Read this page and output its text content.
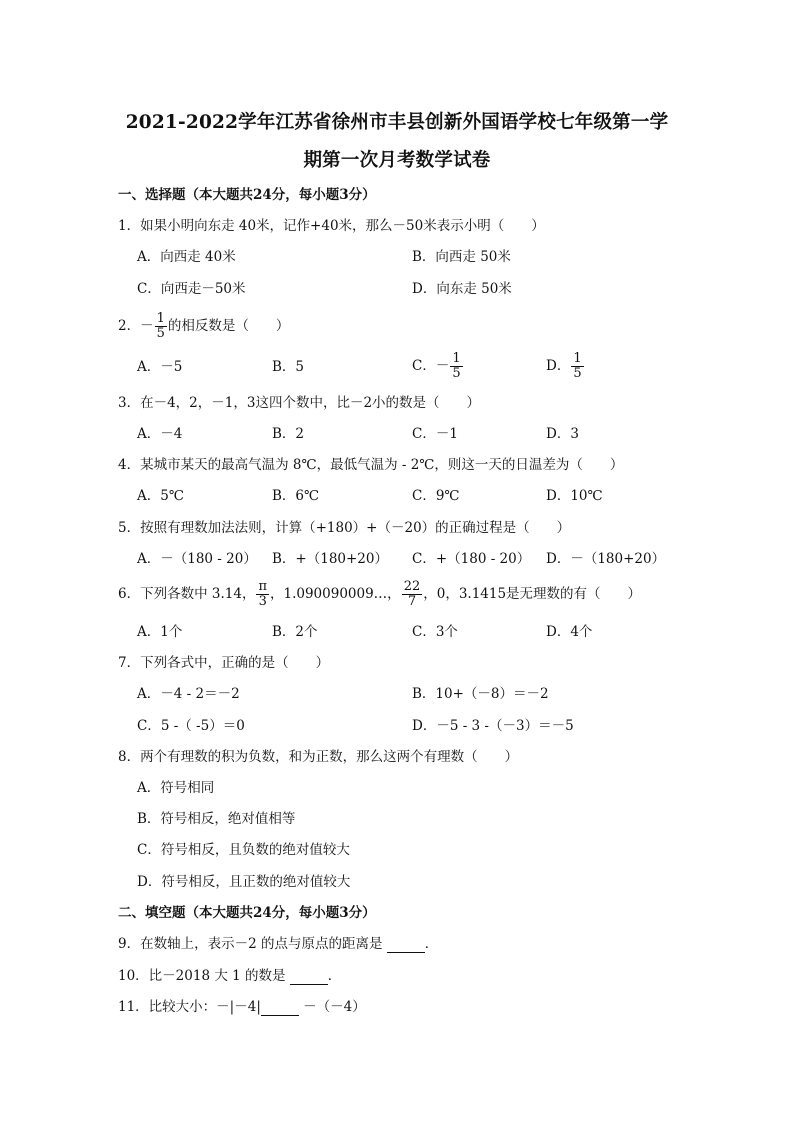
2021-2022学年江苏省徐州市丰县创新外国语学校七年级第一学
期第一次月考数学试卷
一、选择题（本大题共24分，每小题3分）
1．如果小明向东走 40米，记作+40米，那么－50米表示小明（　　）
A．向西走 40米	B．向西走 50米
C．向西走－50米	D．向东走 50米
2．－ $\frac{1}{5}$ 的相反数是（　　）
A．－5	B．5	C．－ $\frac{1}{5}$	D． $\frac{1}{5}$
3．在－4，2，－1，3这四个数中，比－2小的数是（　　）
A．－4	B．2	C．－1	D．3
4．某城市某天的最高气温为 8℃，最低气温为 - 2℃，则这一天的日温差为（　　）
A．5℃	B．6℃	C．9℃	D．10℃
5．按照有理数加法法则，计算（+180）+（－20）的正确过程是（　　）
A．－（180 - 20） B．+（180+20） C．+（180 - 20） D．－（180+20）
6．下列各数中 3.14， $\frac{\pi}{3}$ ，1.090090009…， $\frac{22}{7}$ ，0，3.1415是无理数的有（　　）
A．1个	B．2个	C．3个	D．4个
7．下列各式中，正确的是（　　）
A．－4 - 2＝－2	B．10+（－8）＝－2
C．5 -（ -5）＝0	D．－5 - 3 -（－3）＝－5
8．两个有理数的积为负数，和为正数，那么这两个有理数（　　）
A．符号相同
B．符号相反，绝对值相等
C．符号相反，且负数的绝对值较大
D．符号相反，且正数的绝对值较大
二、填空题（本大题共24分，每小题3分）
9．在数轴上，表示－2 的点与原点的距离是	．
10．比－2018 大 1 的数是	．
11．比较大小：－|－4|	－（－4）
